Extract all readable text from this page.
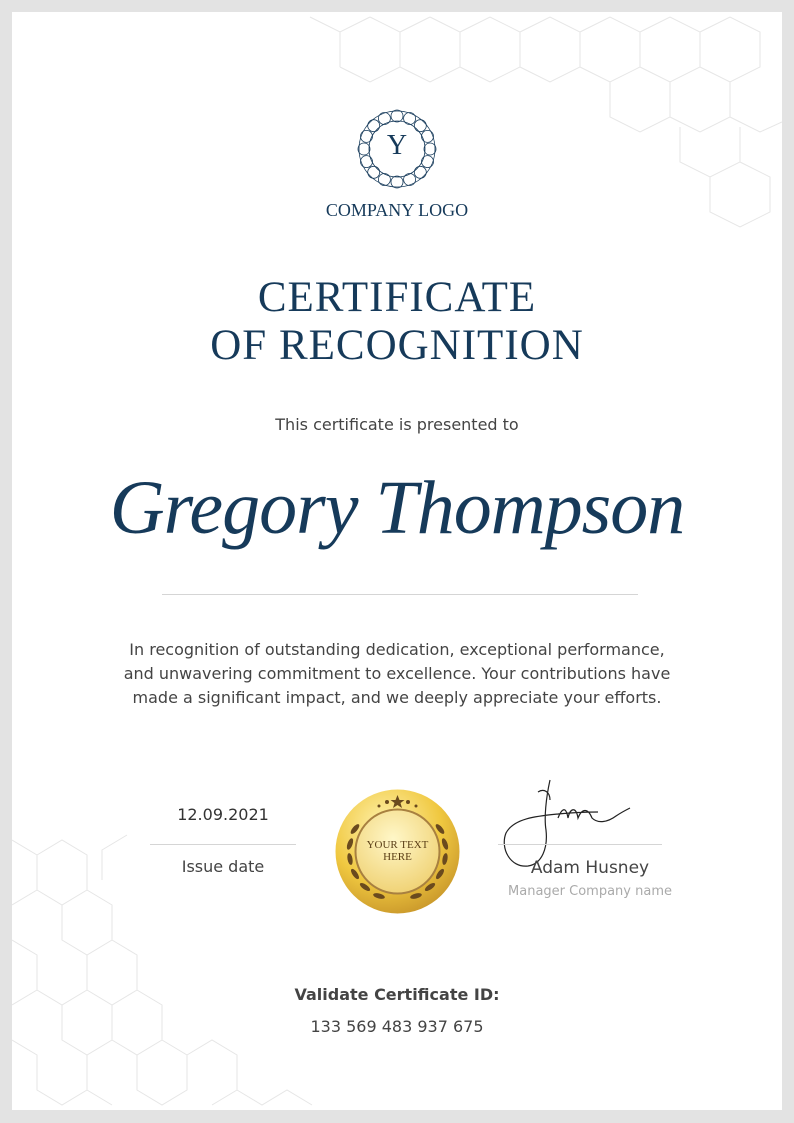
Y
COMPANY LOGO
CERTIFICATE
OF RECOGNITION
This certificate is presented to
Gregory Thompson
In recognition of outstanding dedication, exceptional performance, and unwavering commitment to excellence. Your contributions have made a significant impact, and we deeply appreciate your efforts.
12.09.2021
Issue date
YOUR TEXT
HERE
Adam Husney
Manager Company name
Validate Certificate ID:
133 569 483 937 675
